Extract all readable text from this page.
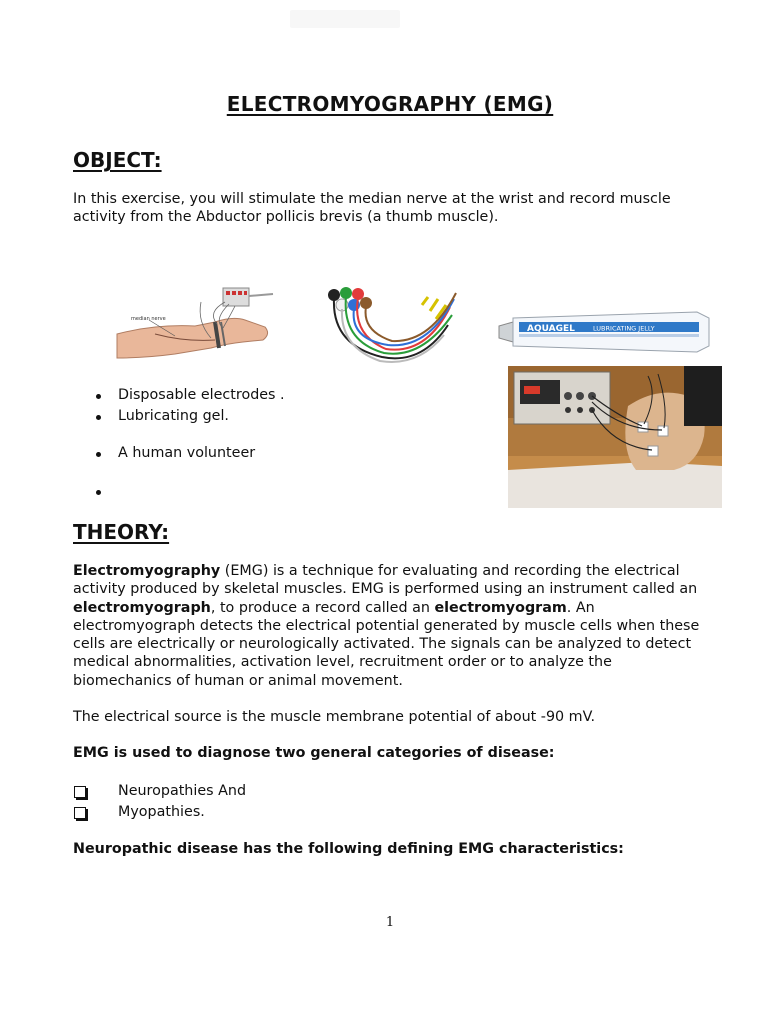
ELECTROMYOGRAPHY (EMG)
OBJECT:
In this exercise, you will stimulate the median nerve at the wrist and record muscle activity from the Abductor pollicis brevis (a thumb muscle).
median nerve
AQUAGEL	LUBRICATING JELLY
Disposable electrodes .
Lubricating gel.
A human volunteer
THEORY:
Electromyography (EMG) is a technique for evaluating and recording the electrical activity produced by skeletal muscles. EMG is performed using an instrument called an electromyograph, to produce a record called an electromyogram. An electromyograph detects the electrical potential generated by muscle cells when these cells are electrically or neurologically activated. The signals can be analyzed to detect medical abnormalities, activation level, recruitment order or to analyze the biomechanics of human or animal movement.
The electrical source is the muscle membrane potential of about -90 mV.
EMG is used to diagnose two general categories of disease:
Neuropathies And
Myopathies.
Neuropathic disease has the following defining EMG characteristics:
1
